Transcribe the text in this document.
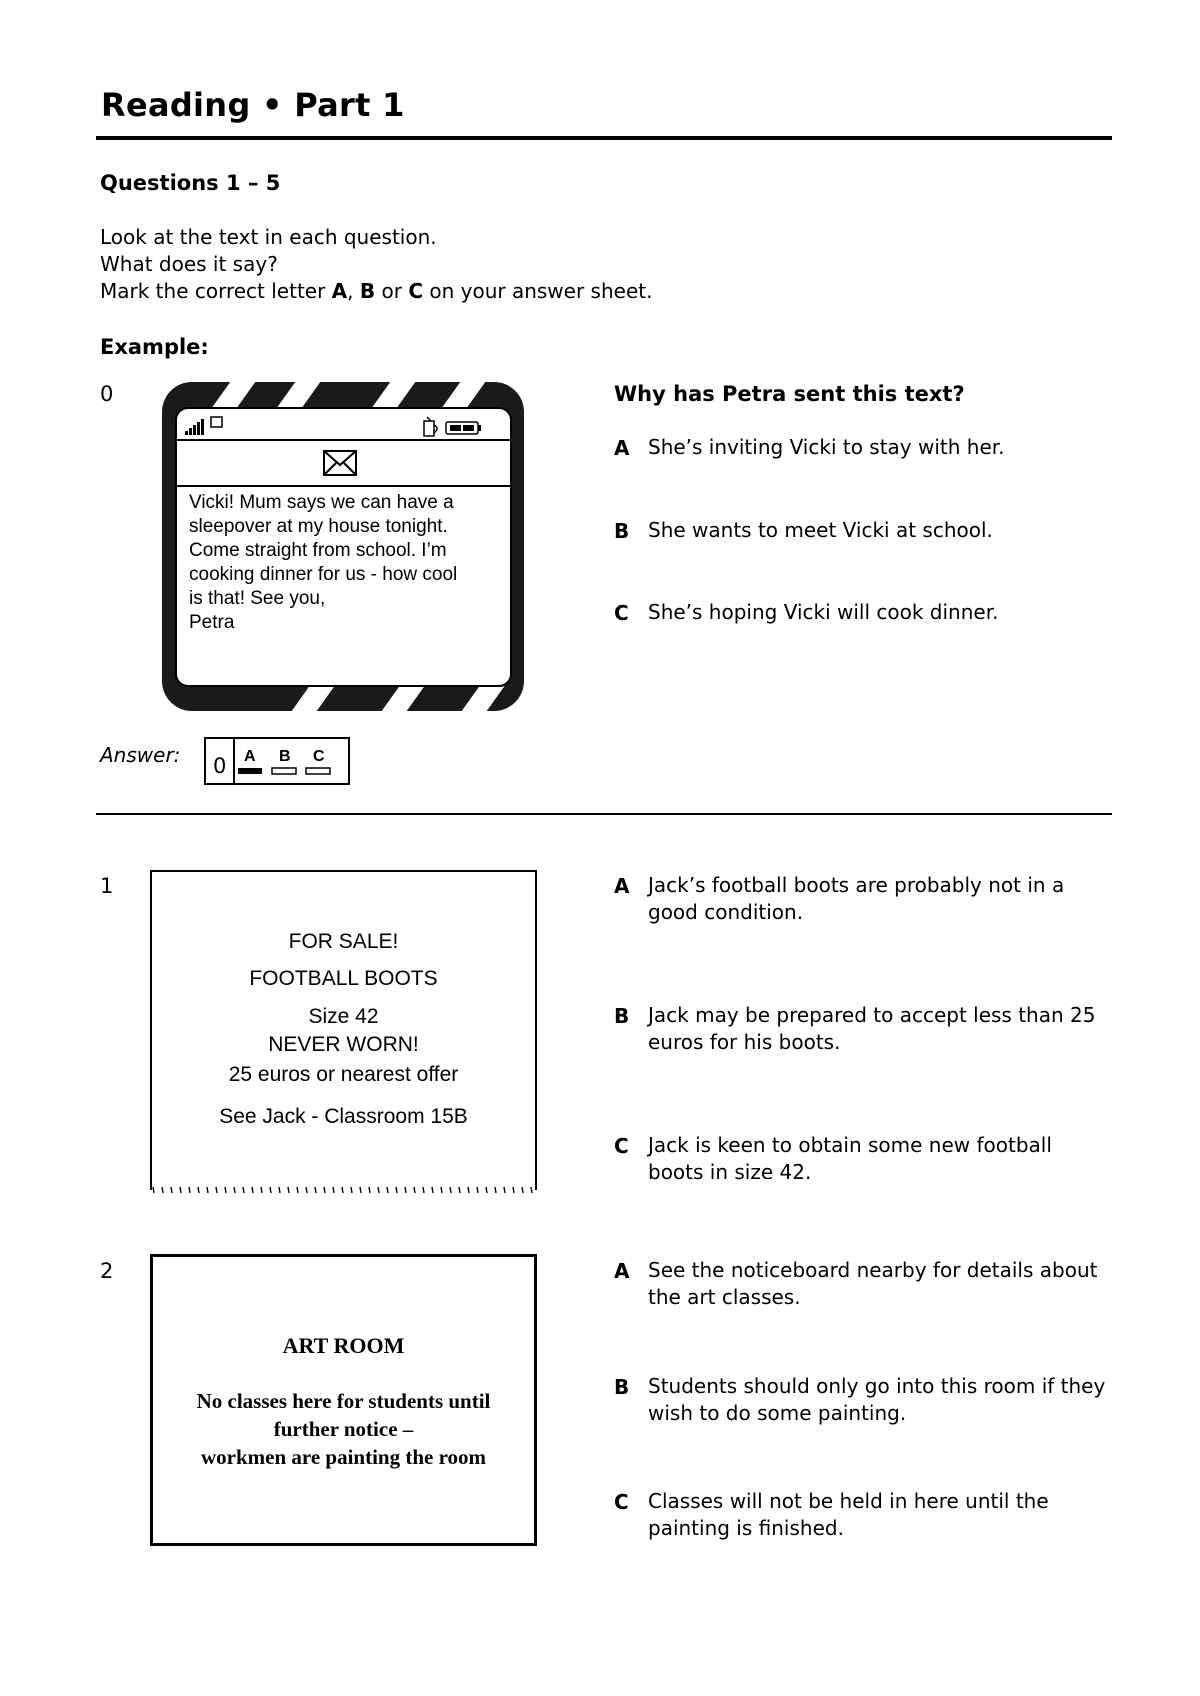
Reading • Part 1
Questions 1 – 5
Look at the text in each question.
What does it say?
Mark the correct letter A, B or C on your answer sheet.
Example:
0
Vicki! Mum says we can have a
sleepover at my house tonight.
Come straight from school. I’m
cooking dinner for us - how cool
is that! See you,
Petra
Why has Petra sent this text?
A She’s inviting Vicki to stay with her.
B She wants to meet Vicki at school.
C She’s hoping Vicki will cook dinner.
Answer: 0 A B C
1
FOR SALE!
FOOTBALL BOOTS
Size 42
NEVER WORN!
25 euros or nearest offer
See Jack - Classroom 15B
A Jack’s football boots are probably not in a
good condition.
B Jack may be prepared to accept less than 25
euros for his boots.
C Jack is keen to obtain some new football
boots in size 42.
2
ART ROOM
No classes here for students until
further notice –
workmen are painting the room
A See the noticeboard nearby for details about
the art classes.
B Students should only go into this room if they
wish to do some painting.
C Classes will not be held in here until the
painting is finished.
